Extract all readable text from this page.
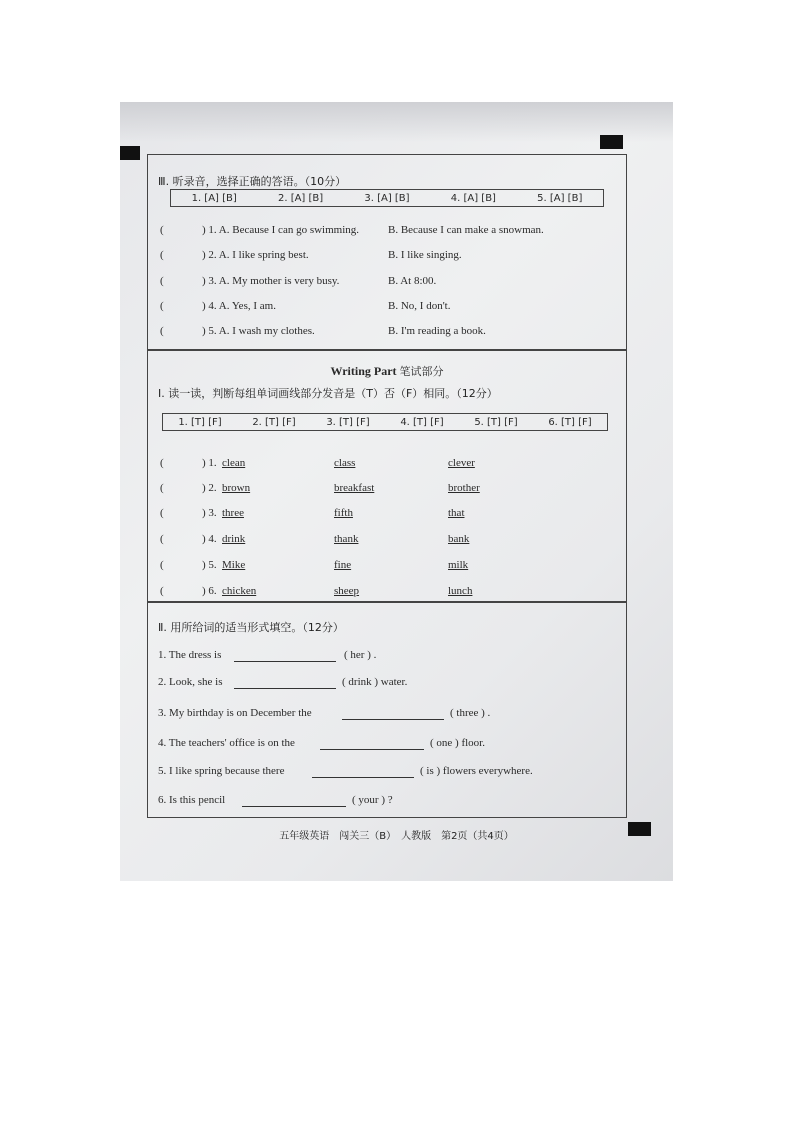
Ⅲ. 听录音，选择正确的答语。（10分）
1. [A] [B]	2. [A] [B]	3. [A] [B]	4. [A] [B]	5. [A] [B]
(	) 1. A. Because I can go swimming.	B. Because I can make a snowman.
(	) 2. A. I like spring best.	B. I like singing.
(	) 3. A. My mother is very busy.	B. At 8:00.
(	) 4. A. Yes, I am.	B. No, I don't.
(	) 5. A. I wash my clothes.	B. I'm reading a book.
Writing Part 笔试部分
Ⅰ. 读一读，判断每组单词画线部分发音是（T）否（F）相同。（12分）
1. [T] [F]	2. [T] [F]	3. [T] [F]	4. [T] [F]	5. [T] [F]	6. [T] [F]
(	) 1. clean	class	clever
(	) 2. brown	breakfast	brother
(	) 3. three	fifth	that
(	) 4. drink	thank	bank
(	) 5. Mike	fine	milk
(	) 6. chicken	sheep	lunch
Ⅱ. 用所给词的适当形式填空。（12分）
1. The dress is	( her ) .
2. Look, she is	( drink ) water.
3. My birthday is on December the	( three ) .
4. The teachers' office is on the	( one ) floor.
5. I like spring because there	( is ) flowers everywhere.
6. Is this pencil	( your ) ?
五年级英语　闯关三（B）　人教版　第2页（共4页）
